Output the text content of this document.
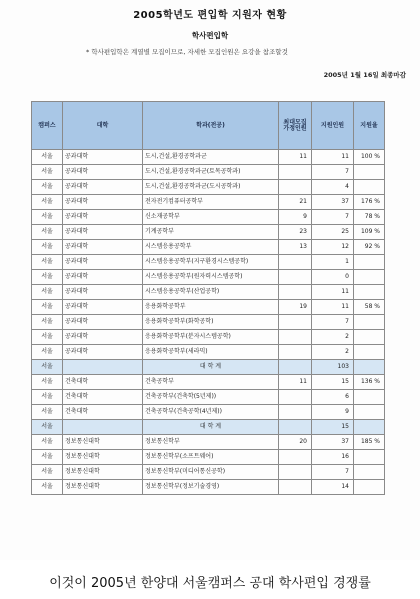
2005학년도 편입학 지원자 현황
학사편입학
* 학사편입학은 계열별 모집이므로, 자세한 모집인원은 요강을 참조할것
2005년 1월 16일 최종마감
캠퍼스	대학	학과(전공)	최대모집 가정인원	지원인원	지원율
서울	공과대학	도시,건설,환경공학과군	11	11	100 %
서울	공과대학	도시,건설,환경공학과군(토목공학과)		7	
서울	공과대학	도시,건설,환경공학과군(도시공학과)		4	
서울	공과대학	전자전기컴퓨터공학부	21	37	176 %
서울	공과대학	신소재공학부	9	7	78 %
서울	공과대학	기계공학부	23	25	109 %
서울	공과대학	시스템응용공학부	13	12	92 %
서울	공과대학	시스템응용공학부(지구환경시스템공학)		1	
서울	공과대학	시스템응용공학부(원자력시스템공학)		0	
서울	공과대학	시스템응용공학부(산업공학)		11	
서울	공과대학	응용화학공학부	19	11	58 %
서울	공과대학	응용화학공학부(화학공학)		7	
서울	공과대학	응용화학공학부(분자시스템공학)		2	
서울	공과대학	응용화학공학부(세라믹)		2	
서울		대 학 계		103	
서울	건축대학	건축공학부	11	15	136 %
서울	건축대학	건축공학부(건축학(5년제))		6	
서울	건축대학	건축공학부(건축공학(4년제))		9	
서울		대 학 계		15	
서울	정보통신대학	정보통신학부	20	37	185 %
서울	정보통신대학	정보통신학부(소프트웨어)		16	
서울	정보통신대학	정보통신학부(미디어통신공학)		7	
서울	정보통신대학	정보통신학부(정보기술경영)		14	
이것이 2005년 한양대 서울캠퍼스 공대 학사편입 경쟁률
